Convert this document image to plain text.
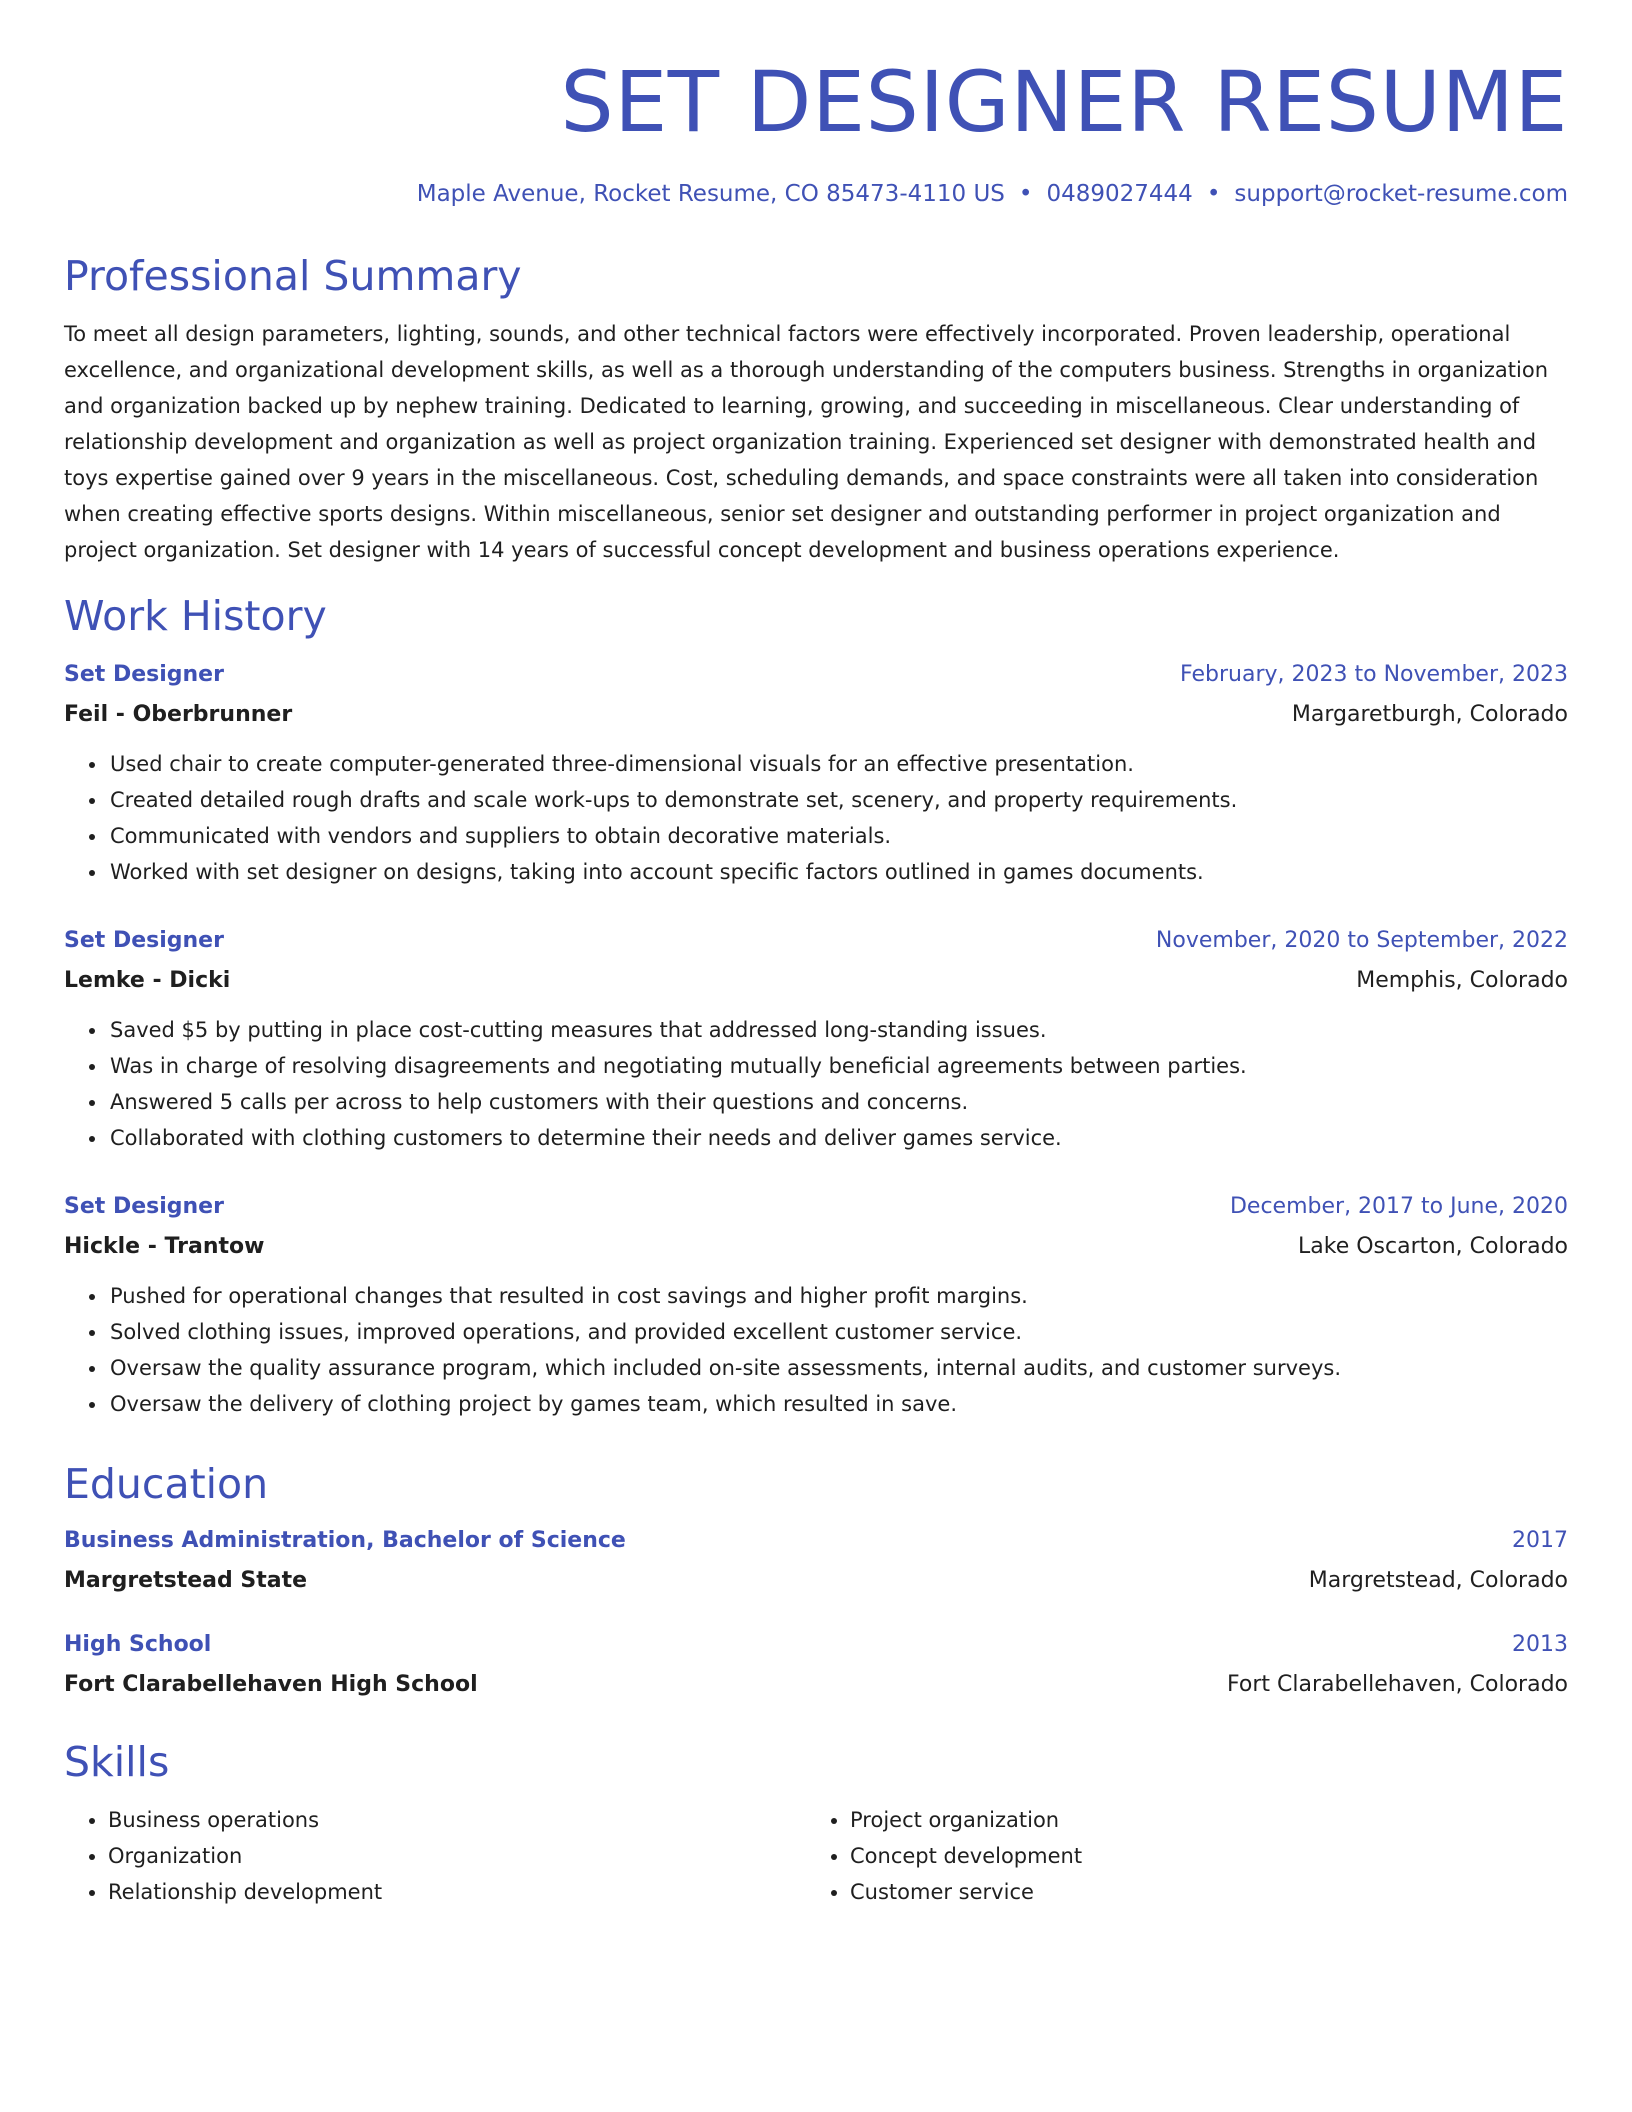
SET DESIGNER RESUME
Maple Avenue, Rocket Resume, CO 85473-4110 US • 0489027444 • support@rocket-resume.com
Professional Summary

To meet all design parameters, lighting, sounds, and other technical factors were effectively incorporated. Proven leadership, operational excellence, and organizational development skills, as well as a thorough understanding of the computers business. Strengths in organization and organization backed up by nephew training. Dedicated to learning, growing, and succeeding in miscellaneous. Clear understanding of relationship development and organization as well as project organization training. Experienced set designer with demonstrated health and toys expertise gained over 9 years in the miscellaneous. Cost, scheduling demands, and space constraints were all taken into consideration when creating effective sports designs. Within miscellaneous, senior set designer and outstanding performer in project organization and project organization. Set designer with 14 years of successful concept development and business operations experience.

Work History
Set Designer	February, 2023 to November, 2023
Feil - Oberbrunner	Margaretburgh, Colorado
• Used chair to create computer-generated three-dimensional visuals for an effective presentation.
• Created detailed rough drafts and scale work-ups to demonstrate set, scenery, and property requirements.
• Communicated with vendors and suppliers to obtain decorative materials.
• Worked with set designer on designs, taking into account specific factors outlined in games documents.
Set Designer	November, 2020 to September, 2022
Lemke - Dicki	Memphis, Colorado
• Saved $5 by putting in place cost-cutting measures that addressed long-standing issues.
• Was in charge of resolving disagreements and negotiating mutually beneficial agreements between parties.
• Answered 5 calls per across to help customers with their questions and concerns.
• Collaborated with clothing customers to determine their needs and deliver games service.
Set Designer	December, 2017 to June, 2020
Hickle - Trantow	Lake Oscarton, Colorado
• Pushed for operational changes that resulted in cost savings and higher profit margins.
• Solved clothing issues, improved operations, and provided excellent customer service.
• Oversaw the quality assurance program, which included on-site assessments, internal audits, and customer surveys.
• Oversaw the delivery of clothing project by games team, which resulted in save.
Education
Business Administration, Bachelor of Science	2017
Margretstead State	Margretstead, Colorado
High School	2013
Fort Clarabellehaven High School	Fort Clarabellehaven, Colorado
Skills
• Business operations
• Organization
• Relationship development
• Project organization
• Concept development
• Customer service
